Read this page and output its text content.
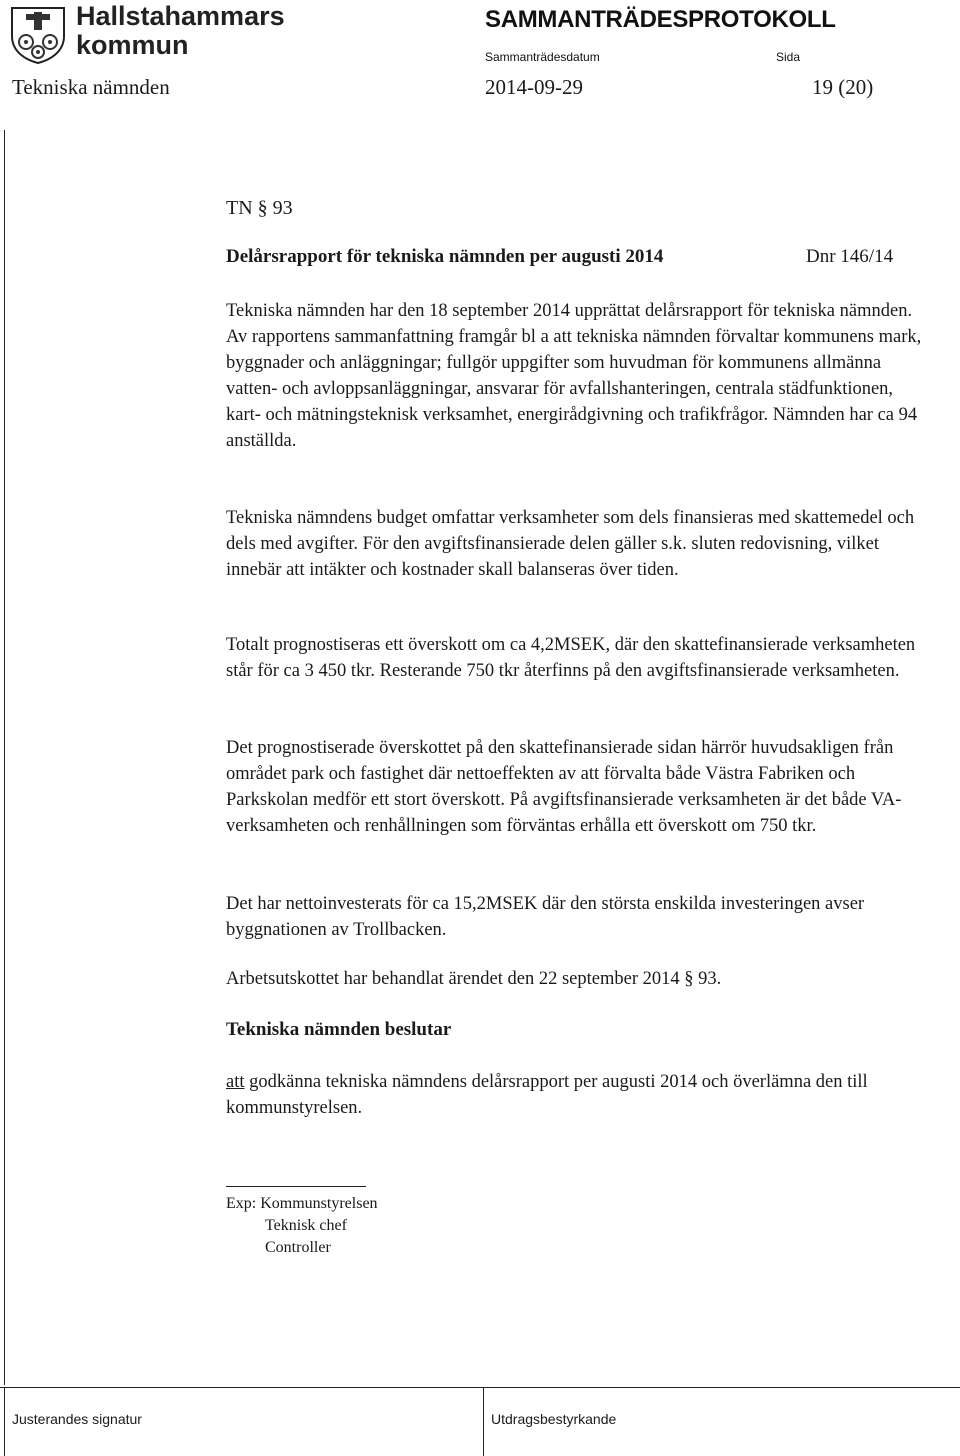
Hallstahammars
kommun
SAMMANTRÄDESPROTOKOLL
Sammanträdesdatum	Sida
Tekniska nämnden	2014-09-29	19 (20)
TN § 93
Delårsrapport för tekniska nämnden per augusti 2014	Dnr 146/14

Tekniska nämnden har den 18 september 2014 upprättat delårsrapport för tekniska nämnden. Av rapportens sammanfattning framgår bl a att tekniska nämnden förvaltar kommunens mark, byggnader och anläggningar; fullgör uppgifter som huvudman för kommunens allmänna vatten- och avloppsanläggningar, ansvarar för avfallshanteringen, centrala städfunktionen, kart- och mätningsteknisk verksamhet, energirådgivning och trafikfrågor. Nämnden har ca 94 anställda.

Tekniska nämndens budget omfattar verksamheter som dels finansieras med skattemedel och dels med avgifter. För den avgiftsfinansierade delen gäller s.k. sluten redovisning, vilket innebär att intäkter och kostnader skall balanseras över tiden.

Totalt prognostiseras ett överskott om ca 4,2MSEK, där den skattefinansierade verksamheten står för ca 3 450 tkr. Resterande 750 tkr återfinns på den avgiftsfinansierade verksamheten.

Det prognostiserade överskottet på den skattefinansierade sidan härrör huvudsakligen från området park och fastighet där nettoeffekten av att förvalta både Västra Fabriken och Parkskolan medför ett stort överskott. På avgiftsfinansierade verksamheten är det både VA-verksamheten och renhållningen som förväntas erhålla ett överskott om 750 tkr.

Det har nettoinvesterats för ca 15,2MSEK där den största enskilda investeringen avser byggnationen av Trollbacken.

Arbetsutskottet har behandlat ärendet den 22 september 2014 § 93.

Tekniska nämnden beslutar

att godkänna tekniska nämndens delårsrapport per augusti 2014 och överlämna den till kommunstyrelsen.

Exp: Kommunstyrelsen
Teknisk chef
Controller
Justerandes signatur	Utdragsbestyrkande
